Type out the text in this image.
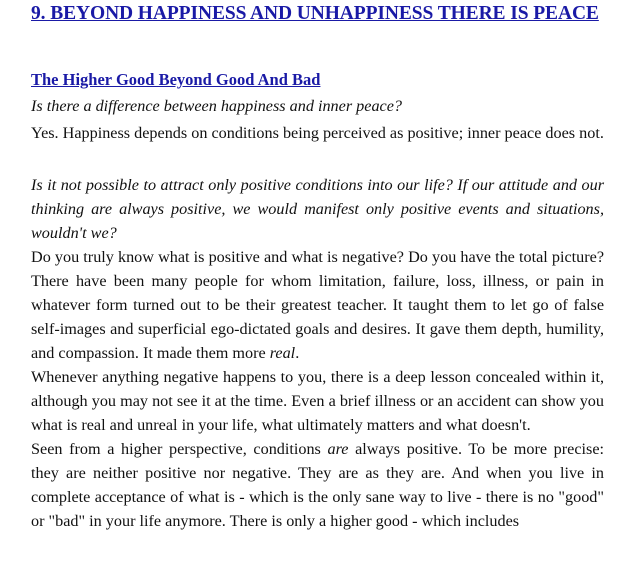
9. BEYOND HAPPINESS AND UNHAPPINESS THERE IS PEACE
The Higher Good Beyond Good And Bad

Is there a difference between happiness and inner peace?

Yes. Happiness depends on conditions being perceived as positive; inner peace does not.

Is it not possible to attract only positive conditions into our life? If our attitude and our thinking are always positive, we would manifest only positive events and situations, wouldn't we?

Do you truly know what is positive and what is negative? Do you have the total picture? There have been many people for whom limitation, failure, loss, illness, or pain in whatever form turned out to be their greatest teacher. It taught them to let go of false self-images and superficial ego-dictated goals and desires. It gave them depth, humility, and compassion. It made them more real.

Whenever anything negative happens to you, there is a deep lesson concealed within it, although you may not see it at the time. Even a brief illness or an accident can show you what is real and unreal in your life, what ultimately matters and what doesn't.

Seen from a higher perspective, conditions are always positive. To be more precise: they are neither positive nor negative. They are as they are. And when you live in complete acceptance of what is - which is the only sane way to live - there is no "good" or "bad" in your life anymore. There is only a higher good - which includes
